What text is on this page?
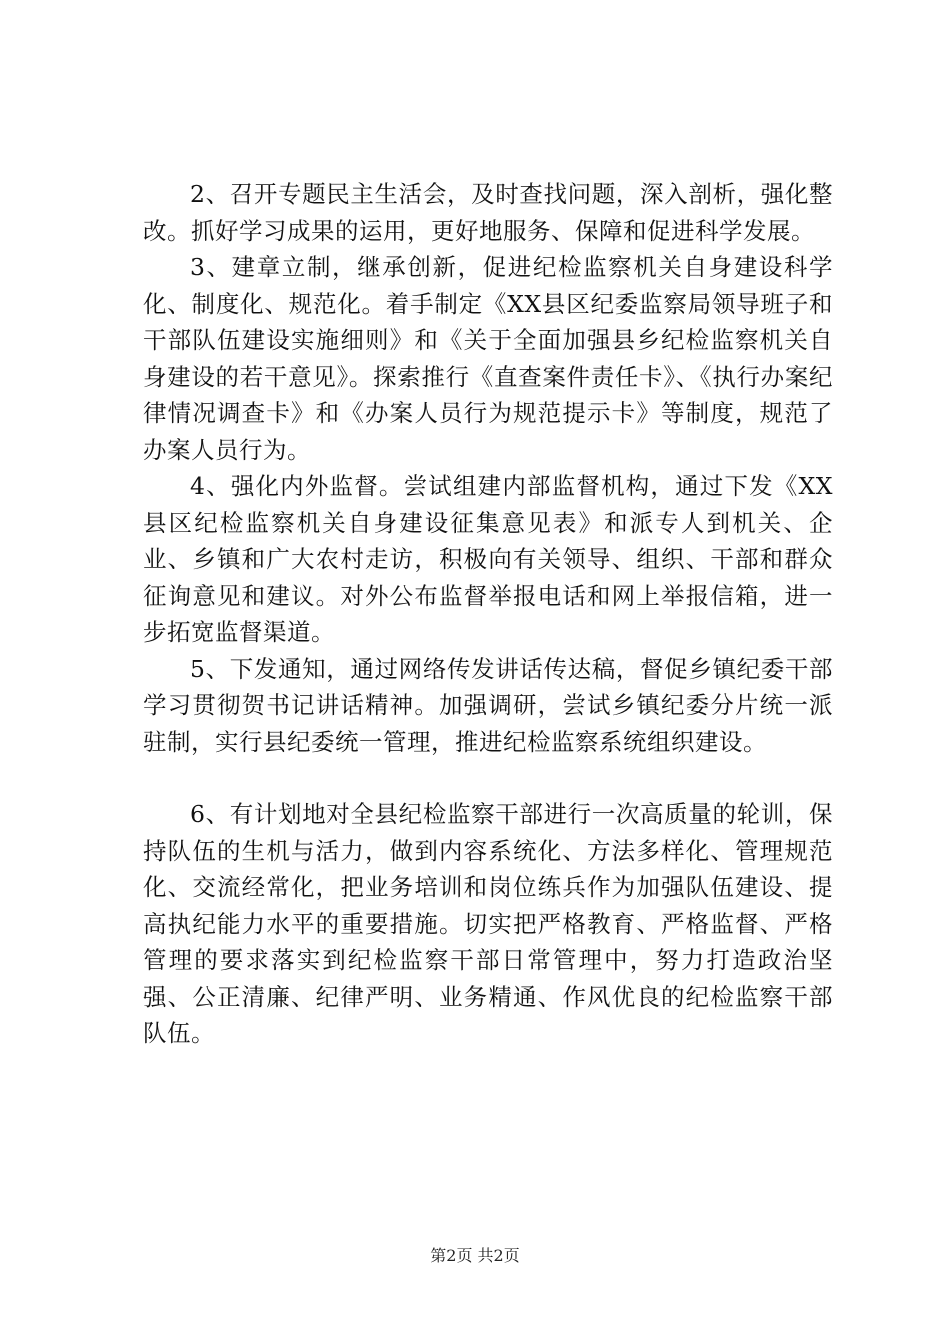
2、召开专题民主生活会，及时查找问题，深入剖析，强化整改。抓好学习成果的运用，更好地服务、保障和促进科学发展。

3、建章立制，继承创新，促进纪检监察机关自身建设科学化、制度化、规范化。着手制定《XX县区纪委监察局领导班子和干部队伍建设实施细则》和《关于全面加强县乡纪检监察机关自身建设的若干意见》。探索推行《直查案件责任卡》、《执行办案纪律情况调查卡》和《办案人员行为规范提示卡》等制度，规范了办案人员行为。

4、强化内外监督。尝试组建内部监督机构，通过下发《XX县区纪检监察机关自身建设征集意见表》和派专人到机关、企业、乡镇和广大农村走访，积极向有关领导、组织、干部和群众征询意见和建议。对外公布监督举报电话和网上举报信箱，进一步拓宽监督渠道。

5、下发通知，通过网络传发讲话传达稿，督促乡镇纪委干部学习贯彻贺书记讲话精神。加强调研，尝试乡镇纪委分片统一派驻制，实行县纪委统一管理，推进纪检监察系统组织建设。

6、有计划地对全县纪检监察干部进行一次高质量的轮训，保持队伍的生机与活力，做到内容系统化、方法多样化、管理规范化、交流经常化，把业务培训和岗位练兵作为加强队伍建设、提高执纪能力水平的重要措施。切实把严格教育、严格监督、严格管理的要求落实到纪检监察干部日常管理中，努力打造政治坚强、公正清廉、纪律严明、业务精通、作风优良的纪检监察干部队伍。

第2页 共2页
